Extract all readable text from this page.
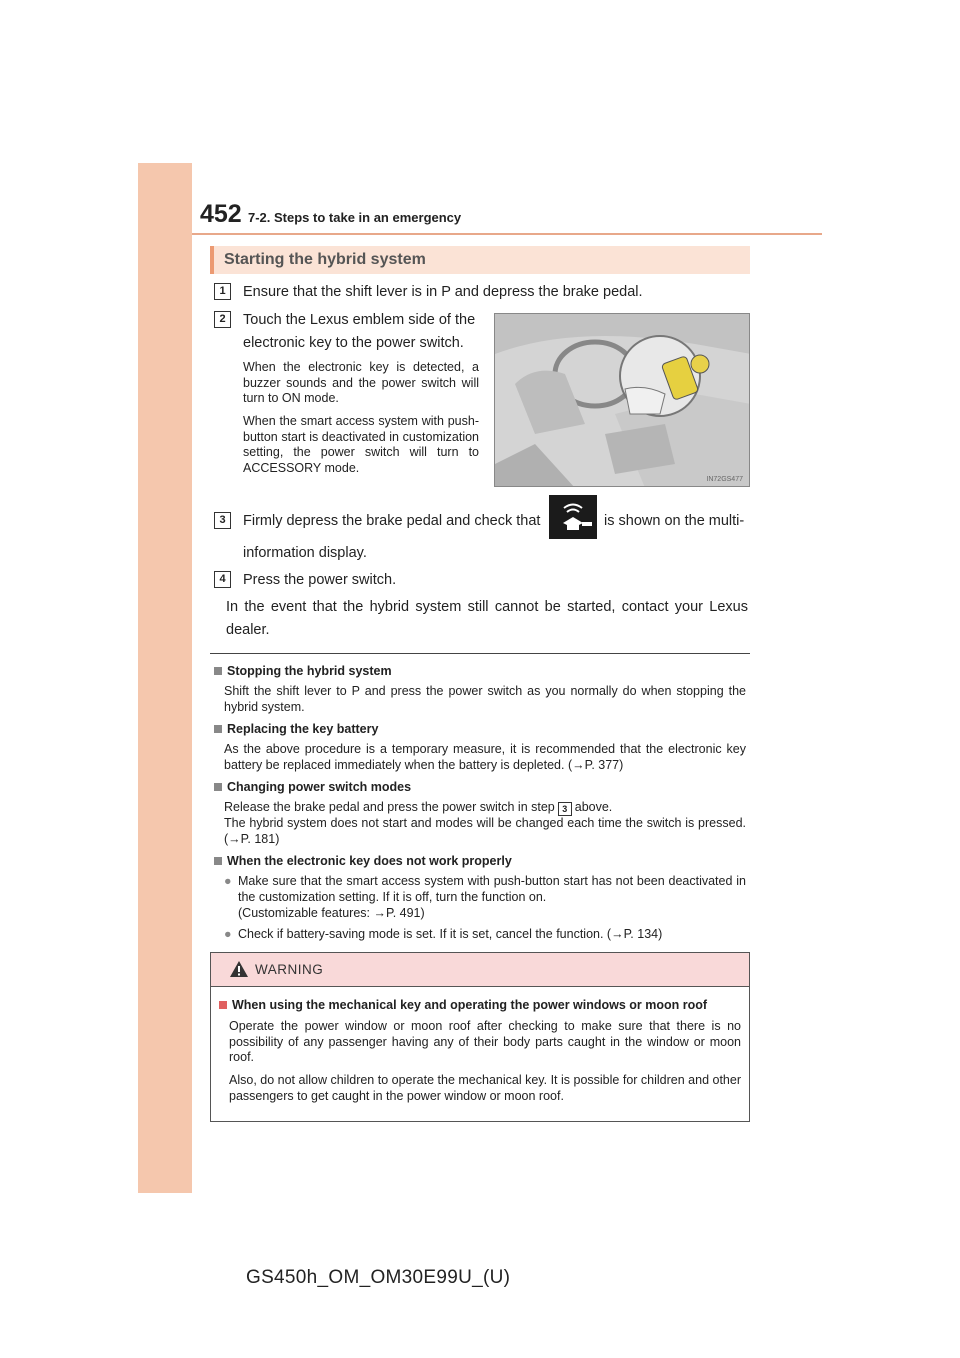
452 7-2. Steps to take in an emergency
Starting the hybrid system
1	Ensure that the shift lever is in P and depress the brake pedal.
2	Touch the Lexus emblem side of the electronic key to the power switch.
When the electronic key is detected, a buzzer sounds and the power switch will turn to ON mode.
When the smart access system with push-button start is deactivated in customization setting, the power switch will turn to ACCESSORY mode.
IN72GS477
3	Firmly depress the brake pedal and check that	is shown on the multi-
information display.
4	Press the power switch.
In the event that the hybrid system still cannot be started, contact your Lexus dealer.
Stopping the hybrid system
Shift the shift lever to P and press the power switch as you normally do when stopping the hybrid system.
Replacing the key battery
As the above procedure is a temporary measure, it is recommended that the electronic key battery be replaced immediately when the battery is depleted. (→P. 377)
Changing power switch modes
Release the brake pedal and press the power switch in step 3 above.
The hybrid system does not start and modes will be changed each time the switch is pressed.(→P. 181)
When the electronic key does not work properly
● Make sure that the smart access system with push-button start has not been deactivated in the customization setting. If it is off, turn the function on.
(Customizable features: →P. 491)
● Check if battery-saving mode is set. If it is set, cancel the function. (→P. 134)
WARNING
When using the mechanical key and operating the power windows or moon roof
Operate the power window or moon roof after checking to make sure that there is no possibility of any passenger having any of their body parts caught in the window or moon roof.
Also, do not allow children to operate the mechanical key. It is possible for children and other passengers to get caught in the power window or moon roof.
GS450h_OM_OM30E99U_(U)
